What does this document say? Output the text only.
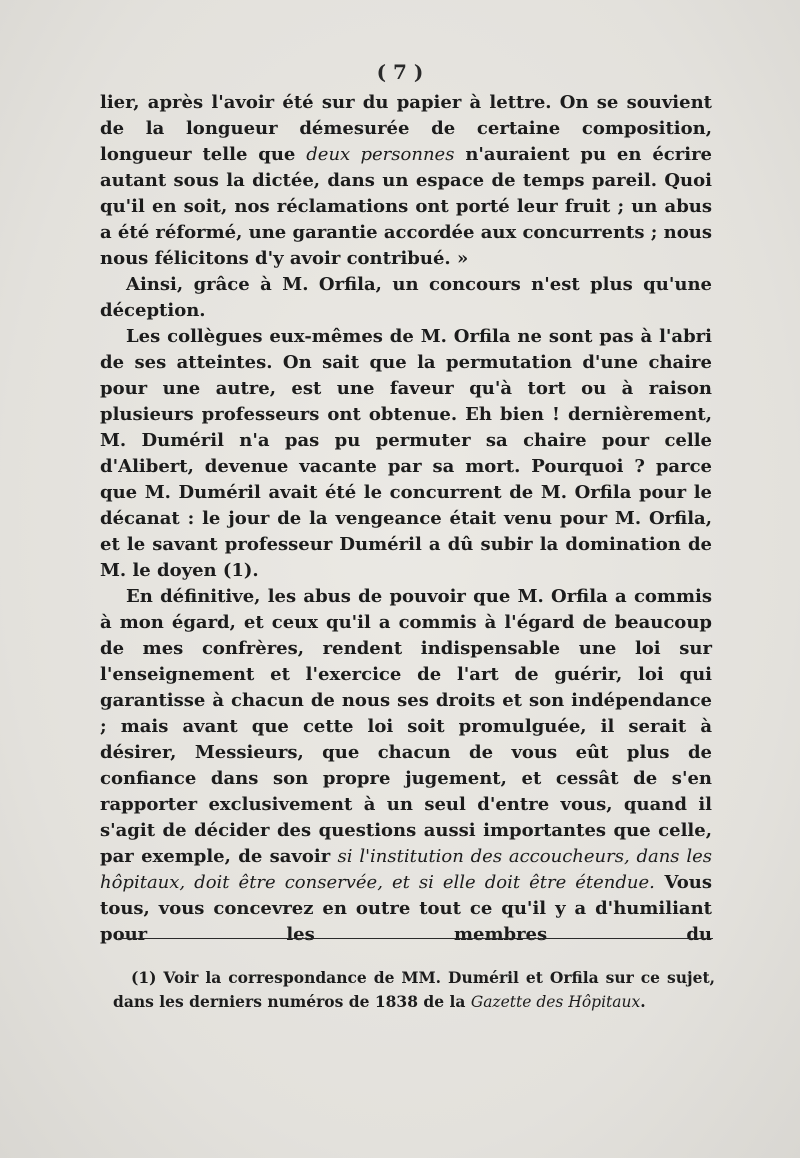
( 7 )

lier, après l'avoir été sur du papier à lettre. On se souvient de la longueur démesurée de certaine composition, longueur telle que deux personnes n'auraient pu en écrire autant sous la dictée, dans un espace de temps pareil. Quoi qu'il en soit, nos réclamations ont porté leur fruit ; un abus a été réformé, une garantie accordée aux concurrents ; nous nous félicitons d'y avoir contribué. »

Ainsi, grâce à M. Orfila, un concours n'est plus qu'une déception.

Les collègues eux-mêmes de M. Orfila ne sont pas à l'abri de ses atteintes. On sait que la permutation d'une chaire pour une autre, est une faveur qu'à tort ou à raison plusieurs professeurs ont obtenue. Eh bien ! dernièrement, M. Duméril n'a pas pu permuter sa chaire pour celle d'Alibert, devenue vacante par sa mort. Pourquoi ? parce que M. Duméril avait été le concurrent de M. Orfila pour le décanat : le jour de la vengeance était venu pour M. Orfila, et le savant professeur Duméril a dû subir la domination de M. le doyen (1).

En définitive, les abus de pouvoir que M. Orfila a commis à mon égard, et ceux qu'il a commis à l'égard de beaucoup de mes confrères, rendent indispensable une loi sur l'enseignement et l'exercice de l'art de guérir, loi qui garantisse à chacun de nous ses droits et son indépendance ; mais avant que cette loi soit promulguée, il serait à désirer, Messieurs, que chacun de vous eût plus de confiance dans son propre jugement, et cessât de s'en rapporter exclusivement à un seul d'entre vous, quand il s'agit de décider des questions aussi importantes que celle, par exemple, de savoir si l'institution des accoucheurs, dans les hôpitaux, doit être conservée, et si elle doit être étendue. Vous tous, vous concevrez en outre tout ce qu'il y a d'humiliant pour les membres du

(1) Voir la correspondance de MM. Duméril et Orfila sur ce sujet, dans les derniers numéros de 1838 de la Gazette des Hôpitaux.
